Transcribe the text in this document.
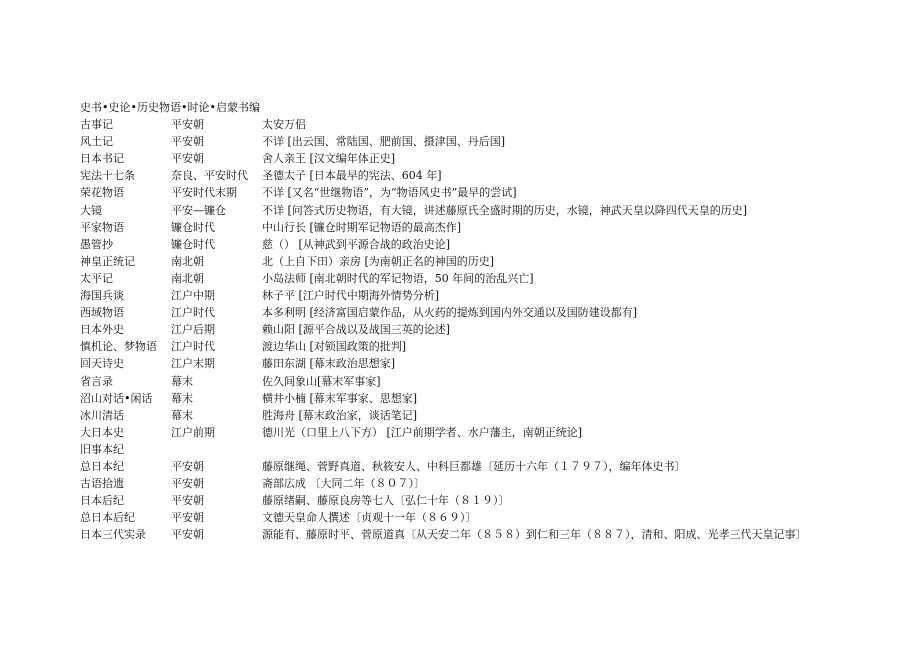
史书•史论•历史物语•时论•启蒙书编
古事记	平安朝	太安万侣
风土记	平安朝	不详 [出云国、常陆国、肥前国、摄津国、丹后国]
日本书记	平安朝	舍人亲王 [汉文编年体正史]
宪法十七条	奈良、平安时代	圣德太子 [日本最早的宪法、604 年]
荣花物语	平安时代末期	不详 [又名“世继物语”，为“物语风史书”最早的尝试]
大镜	平安—镰仓	不详 [问答式历史物语，有大镜，讲述藤原氏全盛时期的历史，水镜，神武天皇以降四代天皇的历史]
平家物语	镰仓时代	中山行长 [镰仓时期军记物语的最高杰作]
愚管抄	镰仓时代	慈（） [从神武到平源合战的政治史论]
神皇正统记	南北朝	北（上自下田）亲房 [为南朝正名的神国的历史]
太平记	南北朝	小岛法师 [南北朝时代的军记物语，50 年间的治乱兴亡]
海国兵谈	江户中期	林子平 [江户时代中期海外情势分析]
西域物语	江户时代	本多利明 [经济富国启蒙作品，从火药的提炼到国内外交通以及国防建设都有]
日本外史	江户后期	赖山阳 [源平合战以及战国三英的论述]
慎机论、梦物语	江户时代	渡边华山 [对锁国政策的批判]
回天诗史	江户末期	藤田东湖 [幕末政治思想家]
省言录	幕末	佐久间象山[幕末军事家]
沼山对话•闲话	幕末	横井小楠 [幕末军事家、思想家]
冰川清话	幕末	胜海舟 [幕末政治家，谈话笔记]
大日本史	江户前期	德川光（口里上八下方） [江户前期学者、水户藩主，南朝正统论]
旧事本纪
总日本纪	平安朝	藤原继绳、菅野真道、秋筱安人、中科巨都雄〔延历十六年（１７９７），编年体史书〕
古语拾遗	平安朝	斋部広成 〔大同二年（８０７）〕
日本后纪	平安朝	藤原绪嗣、藤原良房等七人〔弘仁十年（８１９）〕
总日本后纪	平安朝	文德天皇命人撰述〔贞观十一年（８６９）〕
日本三代实录	平安朝	源能有、藤原时平、菅原道真〔从天安二年（８５８）到仁和三年（８８７），清和、阳成、光孝三代天皇记事〕
